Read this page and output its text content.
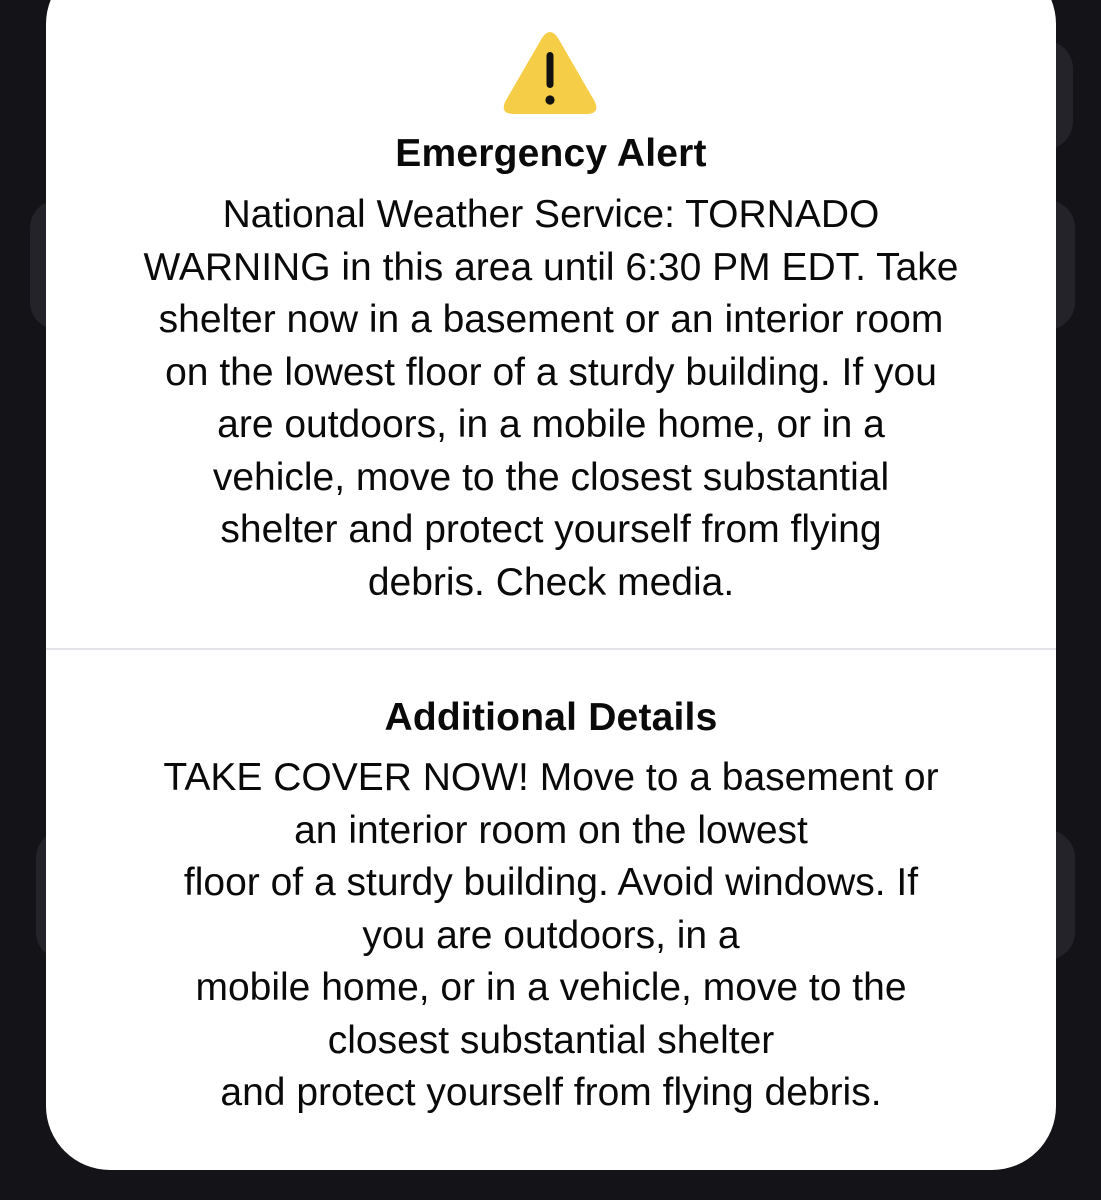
Emergency Alert
National Weather Service: TORNADO
WARNING in this area until 6:30 PM EDT. Take
shelter now in a basement or an interior room
on the lowest floor of a sturdy building. If you
are outdoors, in a mobile home, or in a
vehicle, move to the closest substantial
shelter and protect yourself from flying
debris. Check media.
Additional Details
TAKE COVER NOW! Move to a basement or
an interior room on the lowest
floor of a sturdy building. Avoid windows. If
you are outdoors, in a
mobile home, or in a vehicle, move to the
closest substantial shelter
and protect yourself from flying debris.
